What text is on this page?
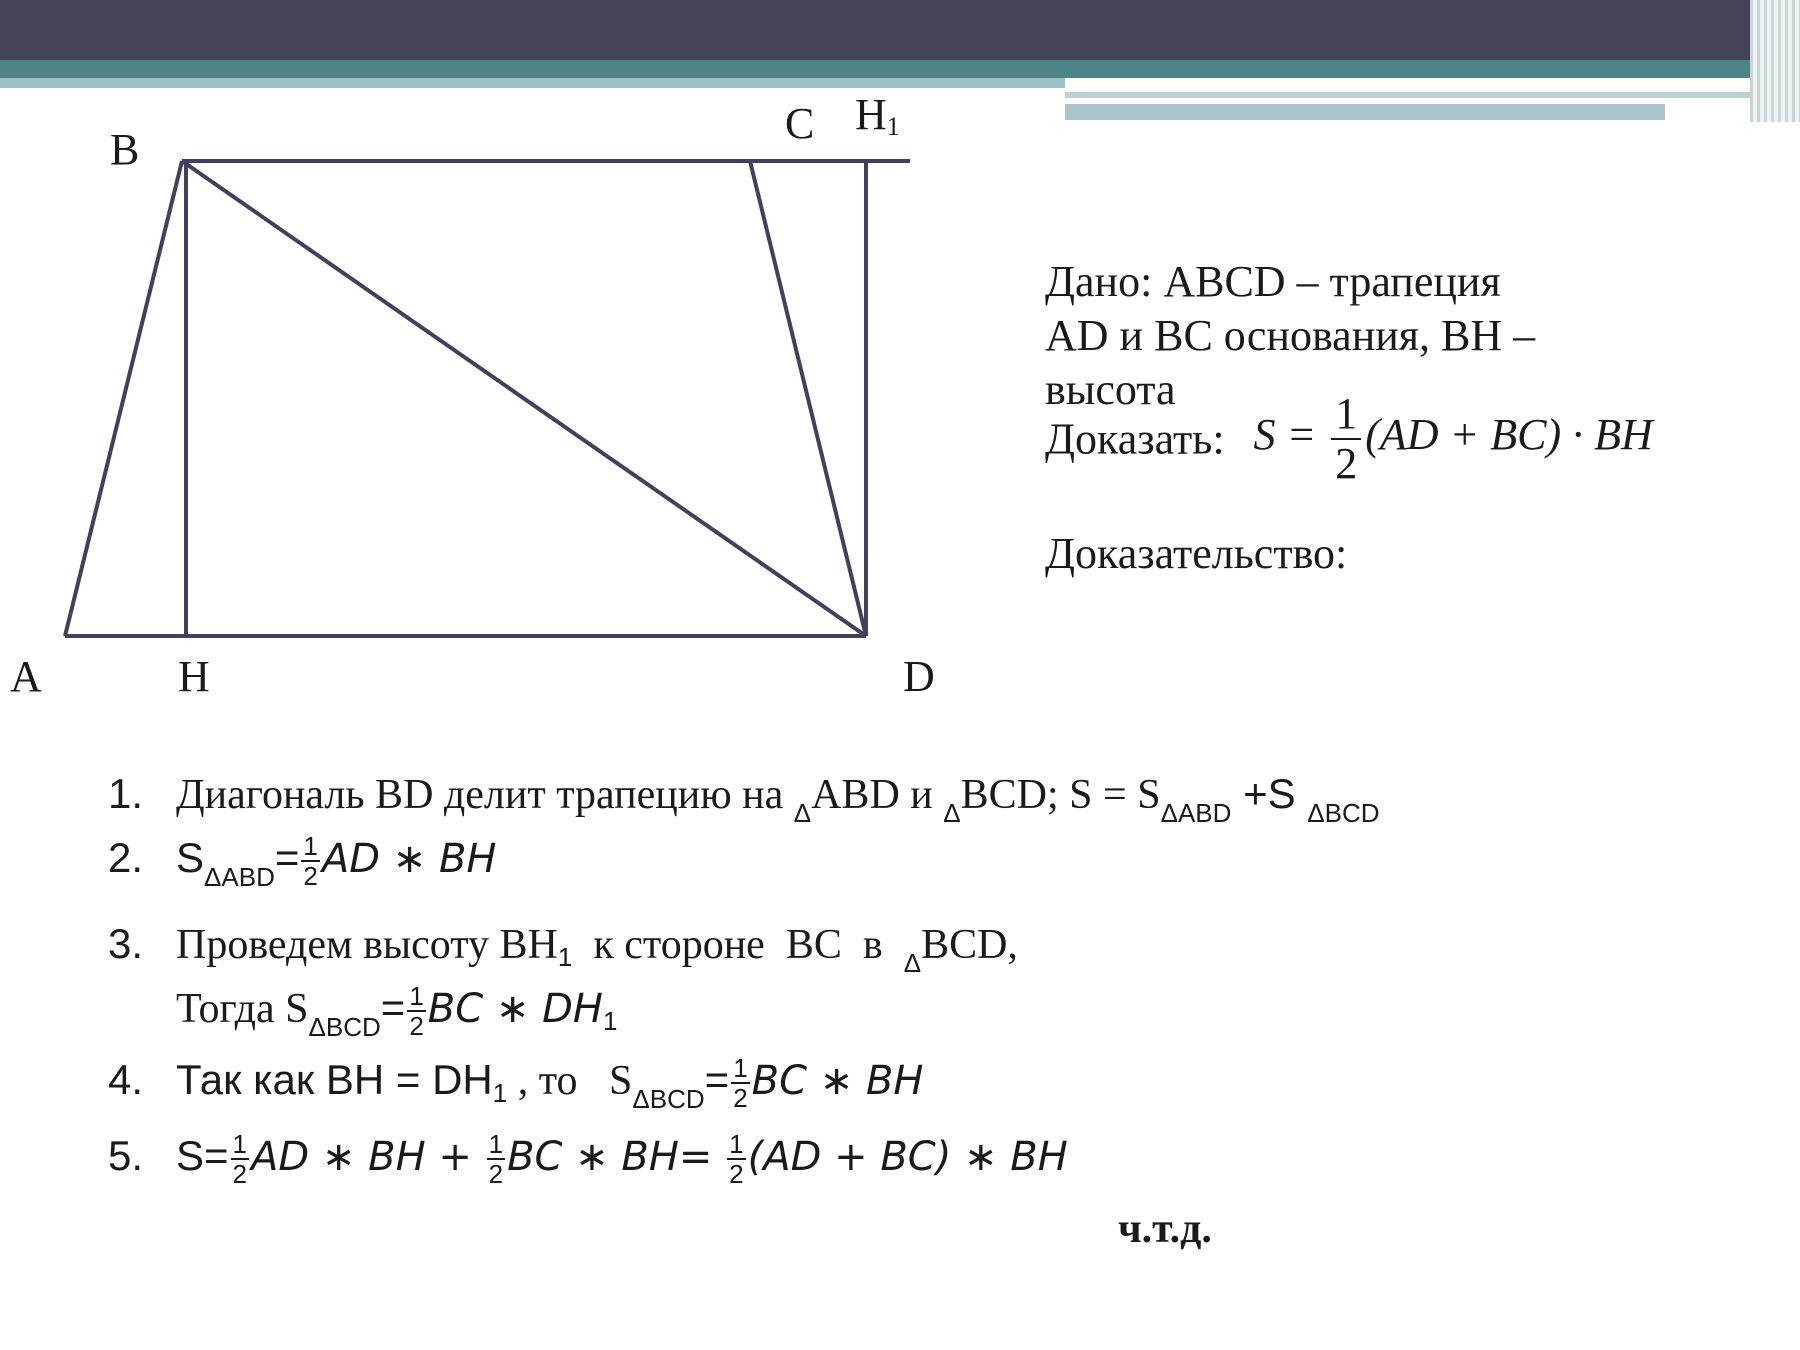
B
C $H_1$
A	H	D
Дано: ABCD – трапеция
AD и BC основания, BH –
высота
Доказать: $S = \frac{1}{2} (AD + BC)$ · BH
Доказательство:
1. Диагональ BD делит трапецию на $_\Delta$ABD и $_\Delta$BCD; $S = S_{\Delta ABD} +S$ $_{\Delta BCD}$
2. $S_{\Delta ABD}= \frac{1}{2}$ AD ∗ BH
3. Проведем высоту $BH_1$  к стороне  BC  в  $_\Delta$BCD,
Тогда $S_{\Delta BCD}= \frac{1}{2}$ BC ∗ $DH_1$
4. Так как BH = $DH_1$ , то   $S_{\Delta BCD}= \frac{1}{2}$ BC ∗ BH
5. $S= \frac{1}{2}$ AD ∗ BH + $\frac{1}{2}$ BC ∗ $BH= \frac{1}{2} (AD + BC)$ ∗ BH
ч.т.д.
